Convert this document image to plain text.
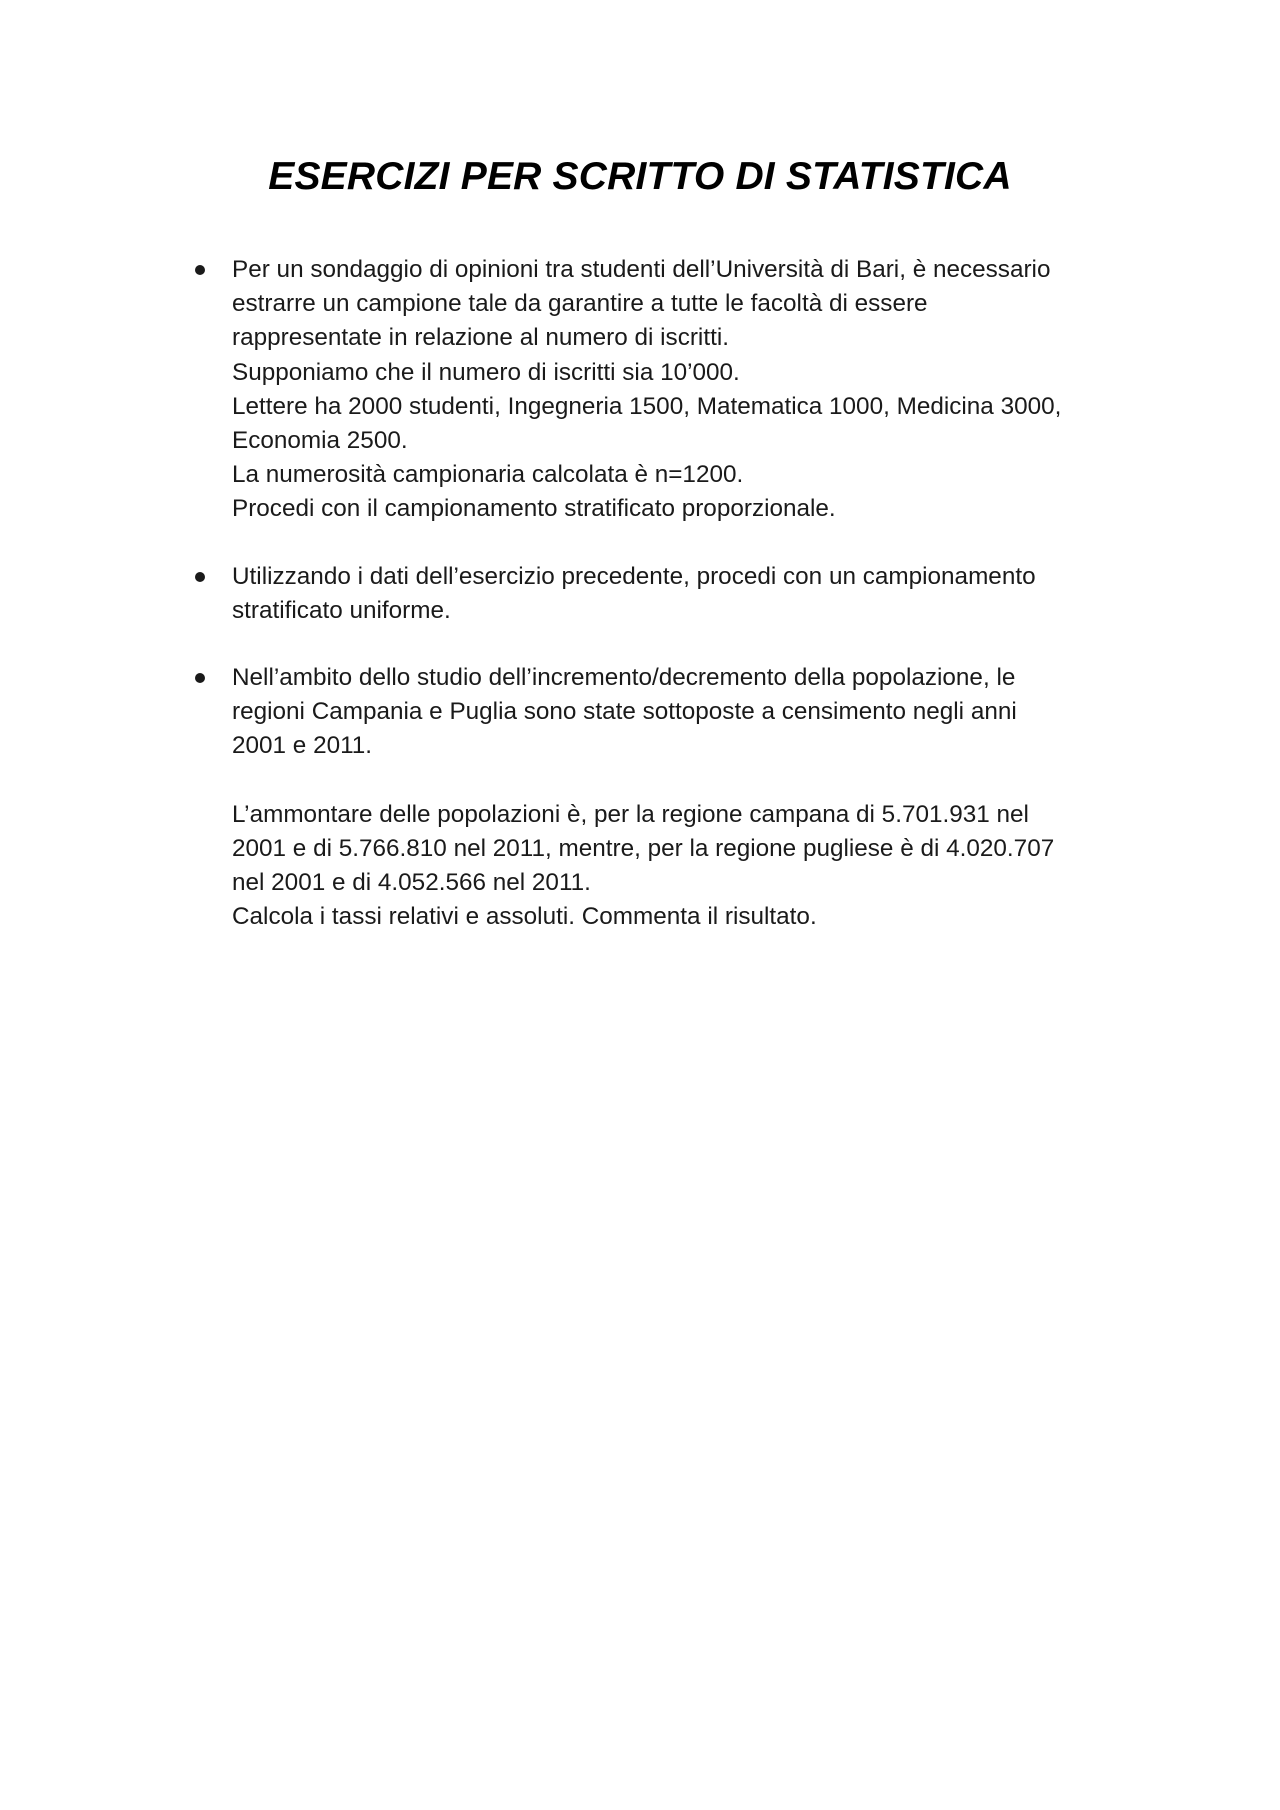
ESERCIZI PER SCRITTO DI STATISTICA

Per un sondaggio di opinioni tra studenti dell’Università di Bari, è necessario
estrarre un campione tale da garantire a tutte le facoltà di essere
rappresentate in relazione al numero di iscritti.
Supponiamo che il numero di iscritti sia 10’000.
Lettere ha 2000 studenti, Ingegneria 1500, Matematica 1000, Medicina 3000,
Economia 2500.
La numerosità campionaria calcolata è n=1200.
Procedi con il campionamento stratificato proporzionale.

Utilizzando i dati dell’esercizio precedente, procedi con un campionamento
stratificato uniforme.

Nell’ambito dello studio dell’incremento/decremento della popolazione, le
regioni Campania e Puglia sono state sottoposte a censimento negli anni
2001 e 2011.

L’ammontare delle popolazioni è, per la regione campana di 5.701.931 nel
2001 e di 5.766.810 nel 2011, mentre, per la regione pugliese è di 4.020.707
nel 2001 e di 4.052.566 nel 2011.
Calcola i tassi relativi e assoluti. Commenta il risultato.
